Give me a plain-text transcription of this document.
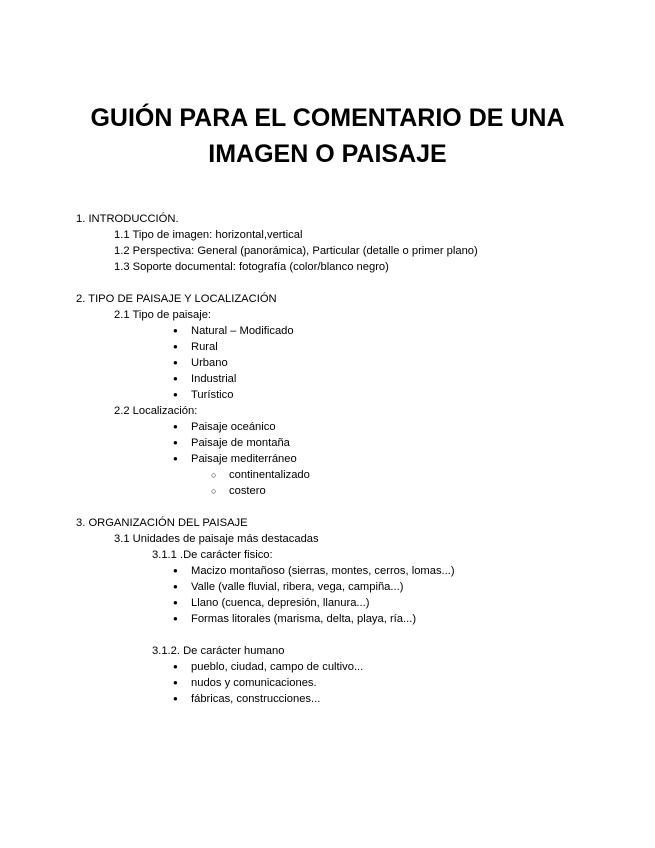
GUIÓN PARA EL COMENTARIO DE UNA
IMAGEN O PAISAJE
1. INTRODUCCIÓN.
1.1 Tipo de imagen: horizontal,vertical
1.2 Perspectiva: General (panorámica), Particular (detalle o primer plano)
1.3 Soporte documental: fotografía (color/blanco negro)
2. TIPO DE PAISAJE Y LOCALIZACIÓN
2.1 Tipo de paisaje:
● Natural – Modificado
● Rural
● Urbano
● Industrial
● Turístico
2.2 Localización:
● Paisaje oceánico
● Paisaje de montaña
● Paisaje mediterráneo
○ continentalizado
○ costero
3. ORGANIZACIÓN DEL PAISAJE
3.1 Unidades de paisaje más destacadas
3.1.1 .De carácter fisico:
● Macizo montañoso (sierras, montes, cerros, lomas...)
● Valle (valle fluvial, ribera, vega, campiña...)
● Llano (cuenca, depresión, llanura...)
● Formas litorales (marisma, delta, playa, ría...)
3.1.2. De carácter humano
● pueblo, ciudad, campo de cultivo...
● nudos y comunicaciones.
● fábricas, construcciones...
